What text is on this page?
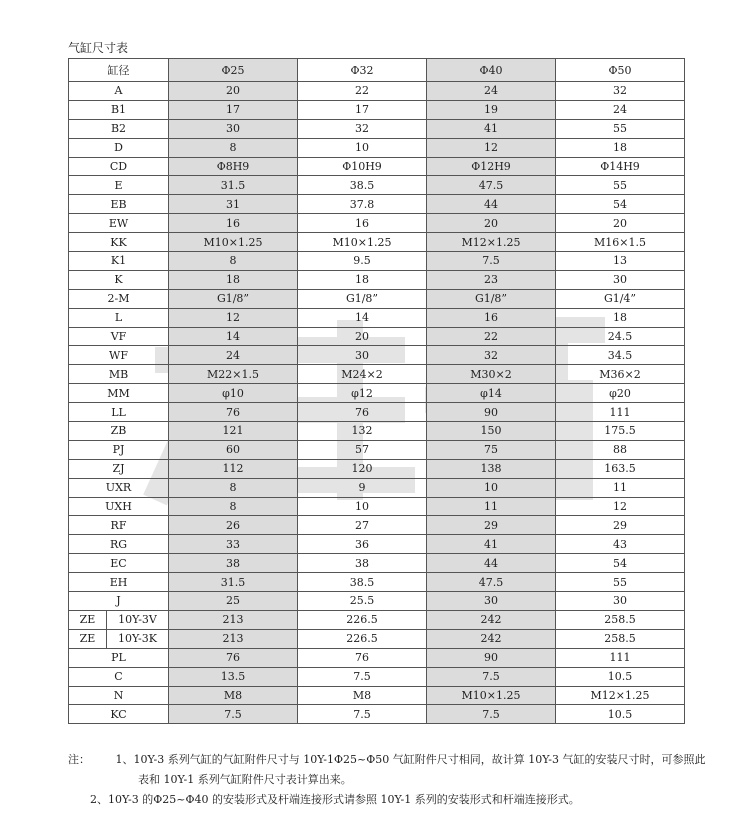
气缸尺寸表
缸径		Φ25	Φ32	Φ40	Φ50
A		20	22	24	32
B1		17	17	19	24
B2		30	32	41	55
D		8	10	12	18
CD		Φ8H9	Φ10H9	Φ12H9	Φ14H9
E		31.5	38.5	47.5	55
EB		31	37.8	44	54
EW		16	16	20	20
KK		M10×1.25	M10×1.25	M12×1.25	M16×1.5
K1		8	9.5	7.5	13
K		18	18	23	30
2-M		G1/8”	G1/8”	G1/8”	G1/4”
L		12	14	16	18
VF		14	20	22	24.5
WF		24	30	32	34.5
MB		M22×1.5	M24×2	M30×2	M36×2
MM		φ10	φ12	φ14	φ20
LL		76	76	90	111
ZB		121	132	150	175.5
PJ		60	57	75	88
ZJ		112	120	138	163.5
UXR		8	9	10	11
UXH		8	10	11	12
RF		26	27	29	29
RG		33	36	41	43
EC		38	38	44	54
EH		31.5	38.5	47.5	55
J		25	25.5	30	30
ZE	10Y-3V	213	226.5	242	258.5
ZE	10Y-3K	213	226.5	242	258.5
PL		76	76	90	111
C		13.5	7.5	7.5	10.5
N		M8	M8	M10×1.25	M12×1.25
KC		7.5	7.5	7.5	10.5
注： 1、10Y-3 系列气缸的气缸附件尺寸与 10Y-1Φ25~Φ50 气缸附件尺寸相同，故计算 10Y-3 气缸的安装尺寸时，可参照此
表和 10Y-1 系列气缸附件尺寸表计算出来。
2、10Y-3 的Φ25~Φ40 的安装形式及杆端连接形式请参照 10Y-1 系列的安装形式和杆端连接形式。
